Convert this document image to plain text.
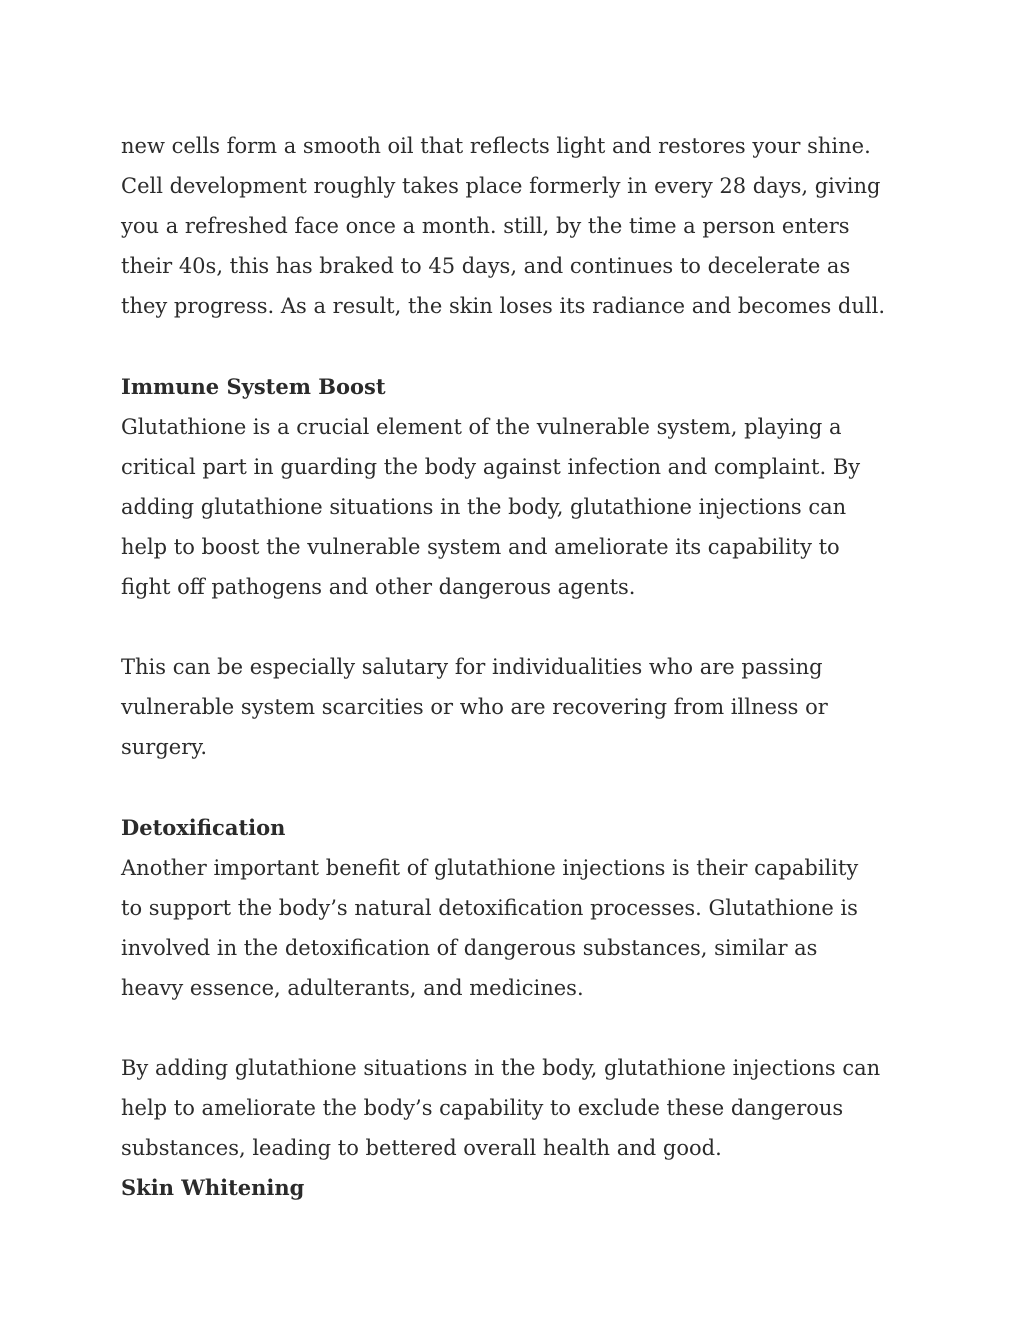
new cells form a smooth oil that reflects light and restores your shine.
Cell development roughly takes place formerly in every 28 days, giving
you a refreshed face once a month. still, by the time a person enters
their 40s, this has braked to 45 days, and continues to decelerate as
they progress. As a result, the skin loses its radiance and becomes dull.
Immune System Boost
Glutathione is a crucial element of the vulnerable system, playing a
critical part in guarding the body against infection and complaint. By
adding glutathione situations in the body, glutathione injections can
help to boost the vulnerable system and ameliorate its capability to
fight off pathogens and other dangerous agents.
This can be especially salutary for individualities who are passing
vulnerable system scarcities or who are recovering from illness or
surgery.
Detoxification
Another important benefit of glutathione injections is their capability
to support the body’s natural detoxification processes. Glutathione is
involved in the detoxification of dangerous substances, similar as
heavy essence, adulterants, and medicines.
By adding glutathione situations in the body, glutathione injections can
help to ameliorate the body’s capability to exclude these dangerous
substances, leading to bettered overall health and good.
Skin Whitening
